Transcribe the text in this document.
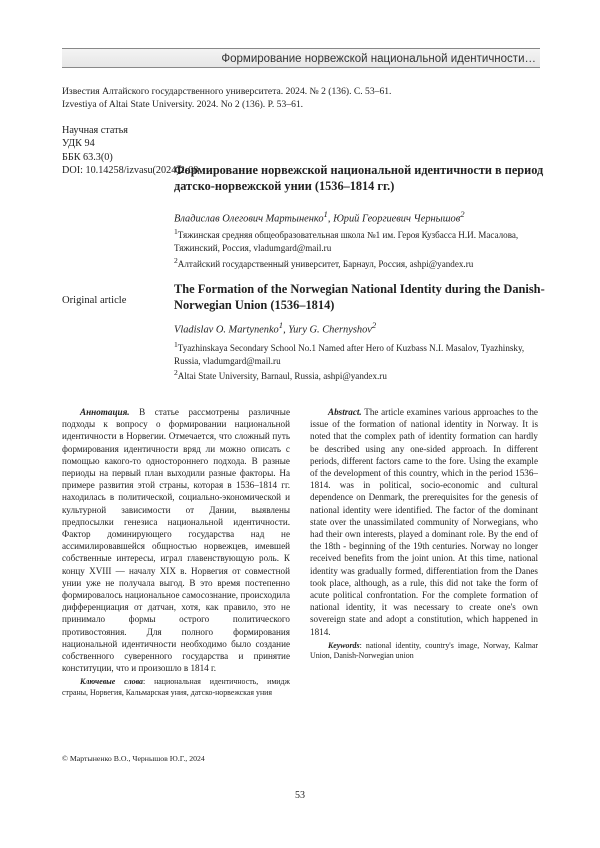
Формирование норвежской национальной идентичности…
Известия Алтайского государственного университета. 2024. № 2 (136). С. 53–61.
Izvestiya of Altai State University. 2024. No 2 (136). P. 53–61.
Научная статья
УДК 94
ББК 63.3(0)
DOI: 10.14258/izvasu(2024)2-08
Формирование норвежской национальной идентичности в период датско-норвежской унии (1536–1814 гг.)
Владислав Олегович Мартыненко$^1$, Юрий Георгиевич Чернышов$^2$
$^1$Тяжинская средняя общеобразовательная школа №1 им. Героя Кузбасса Н.И. Масалова, Тяжинский, Россия, vladumgard@mail.ru
$^2$Алтайский государственный университет, Барнаул, Россия, ashpi@yandex.ru
Original article
The Formation of the Norwegian National Identity during the Danish-Norwegian Union (1536–1814)
Vladislav O. Martynenko$^1$, Yury G. Chernyshov$^2$
$^1$Tyazhinskaya Secondary School No.1 Named after Hero of Kuzbass N.I. Masalov, Tyazhinsky, Russia, vladumgard@mail.ru
$^2$Altai State University, Barnaul, Russia, ashpi@yandex.ru

Аннотация. В статье рассмотрены различные подходы к вопросу о формировании национальной идентичности в Норвегии. Отмечается, что сложный путь формирования идентичности вряд ли можно описать с помощью какого-то одностороннего подхода. В разные периоды на первый план выходили разные факторы. На примере развития этой страны, которая в 1536–1814 гг. находилась в политической, социально-экономической и культурной зависимости от Дании, выявлены предпосылки генезиса национальной идентичности. Фактор доминирующего государства над не ассимилировавшейся общностью норвежцев, имевшей собственные интересы, играл главенствующую роль. К концу XVIII — началу XIX в. Норвегия от совместной унии уже не получала выгод. В это время постепенно формировалось национальное самосознание, происходила дифференциация от датчан, хотя, как правило, это не принимало формы острого политического противостояния. Для полного формирования национальной идентичности необходимо было создание собственного суверенного государства и принятие конституции, что и произошло в 1814 г.

Ключевые слова: национальная идентичность, имидж страны, Норвегия, Кальмарская уния, датско-норвежская уния

Abstract. The article examines various approaches to the issue of the formation of national identity in Norway. It is noted that the complex path of identity formation can hardly be described using any one-sided approach. In different periods, different factors came to the fore. Using the example of the development of this country, which in the period 1536–1814. was in political, socio-economic and cultural dependence on Denmark, the prerequisites for the genesis of national identity were identified. The factor of the dominant state over the unassimilated community of Norwegians, who had their own interests, played a dominant role. By the end of the 18th - beginning of the 19th centuries. Norway no longer received benefits from the joint union. At this time, national identity was gradually formed, differentiation from the Danes took place, although, as a rule, this did not take the form of acute political confrontation. For the complete formation of national identity, it was necessary to create one's own sovereign state and adopt a constitution, which happened in 1814.

Keywords: national identity, country's image, Norway, Kalmar Union, Danish-Norwegian union

© Мартыненко В.О., Чернышов Ю.Г., 2024
53
